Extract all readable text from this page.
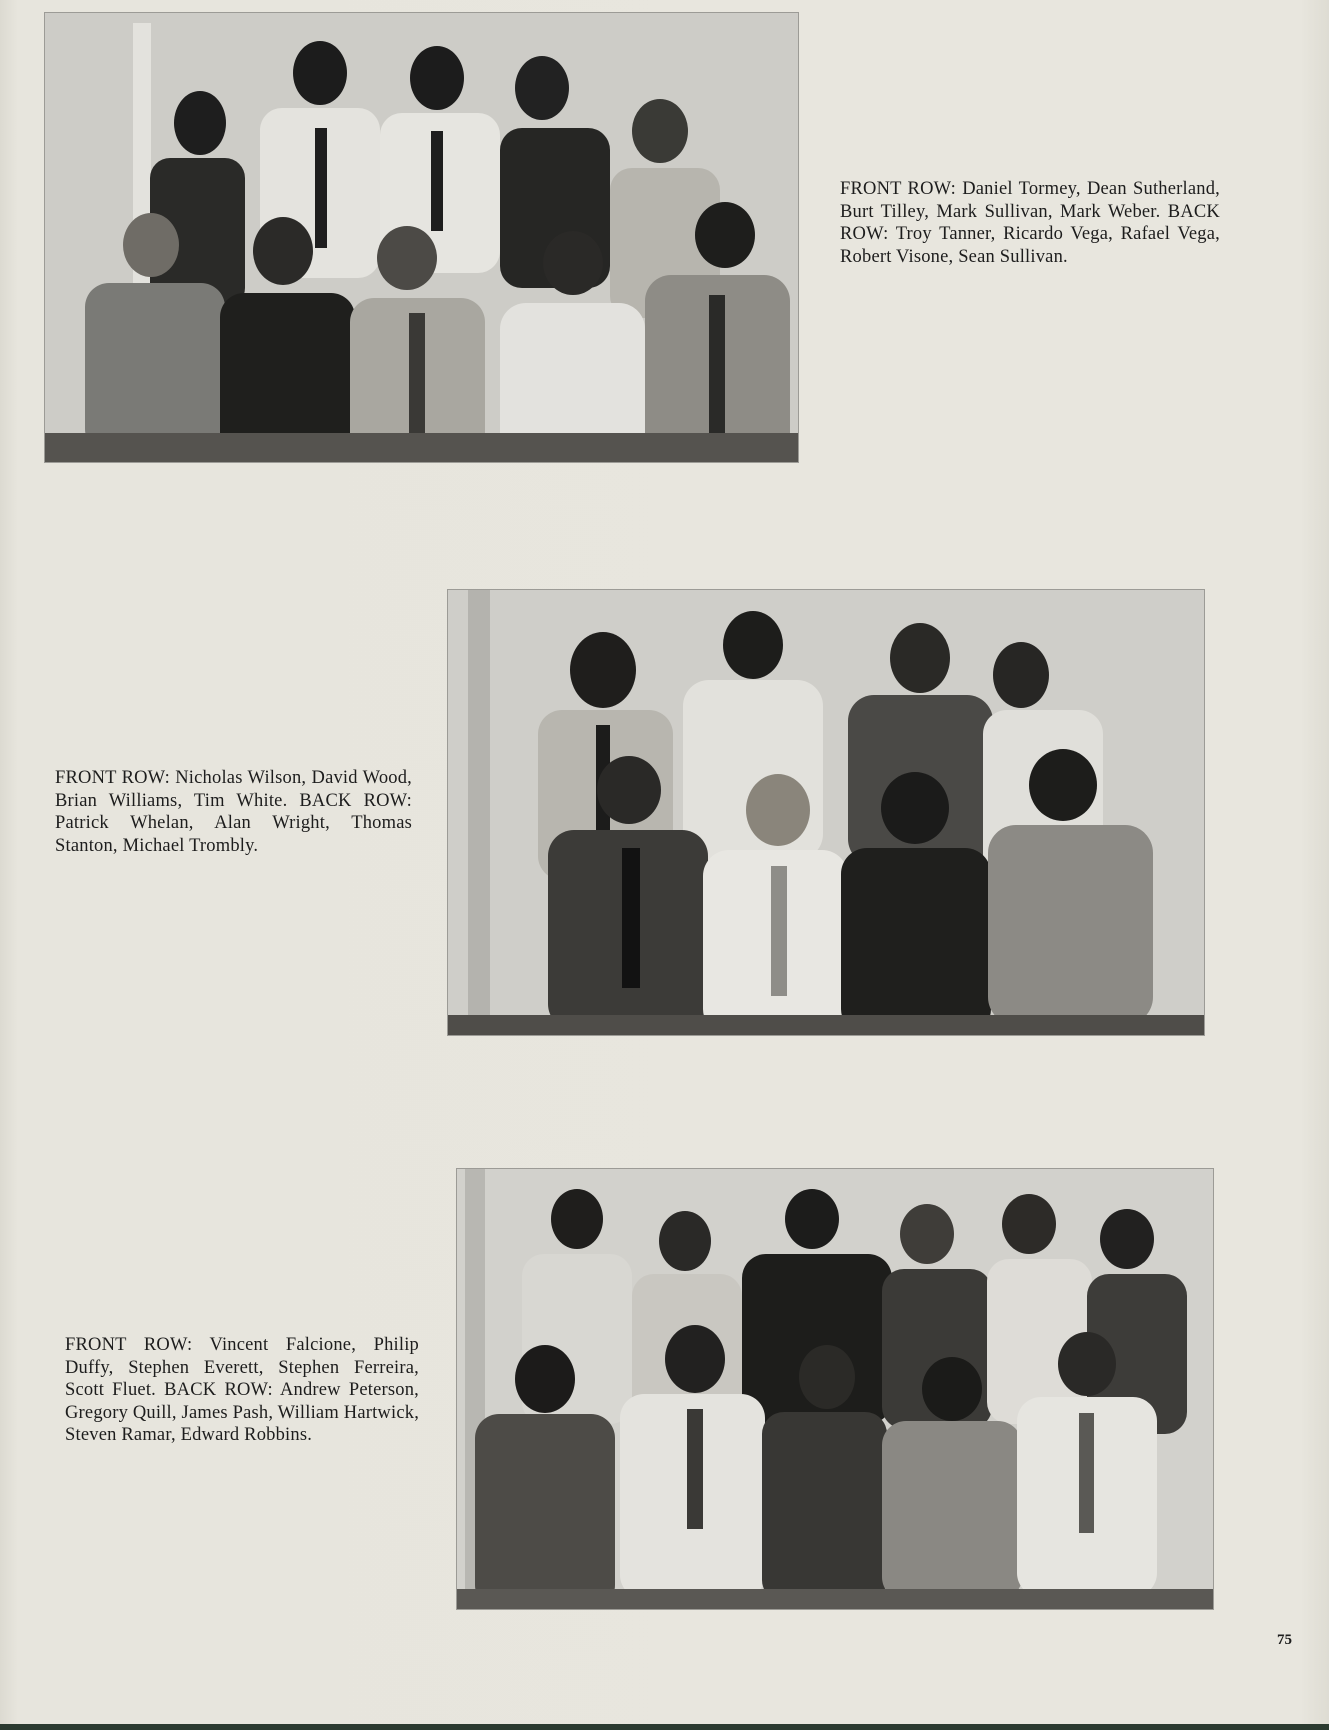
FRONT ROW: Daniel Tormey, Dean Sutherland, Burt Tilley, Mark Sullivan, Mark Weber. BACK ROW: Troy Tanner, Ricardo Vega, Rafael Vega, Robert Visone, Sean Sullivan.

FRONT ROW: Nicholas Wilson, David Wood, Brian Williams, Tim White. BACK ROW: Patrick Whelan, Alan Wright, Thomas Stanton, Michael Trombly.

FRONT ROW: Vincent Falcione, Philip Duffy, Stephen Everett, Stephen Ferreira, Scott Fluet. BACK ROW: Andrew Peterson, Gregory Quill, James Pash, William Hartwick, Steven Ramar, Edward Robbins.

75
